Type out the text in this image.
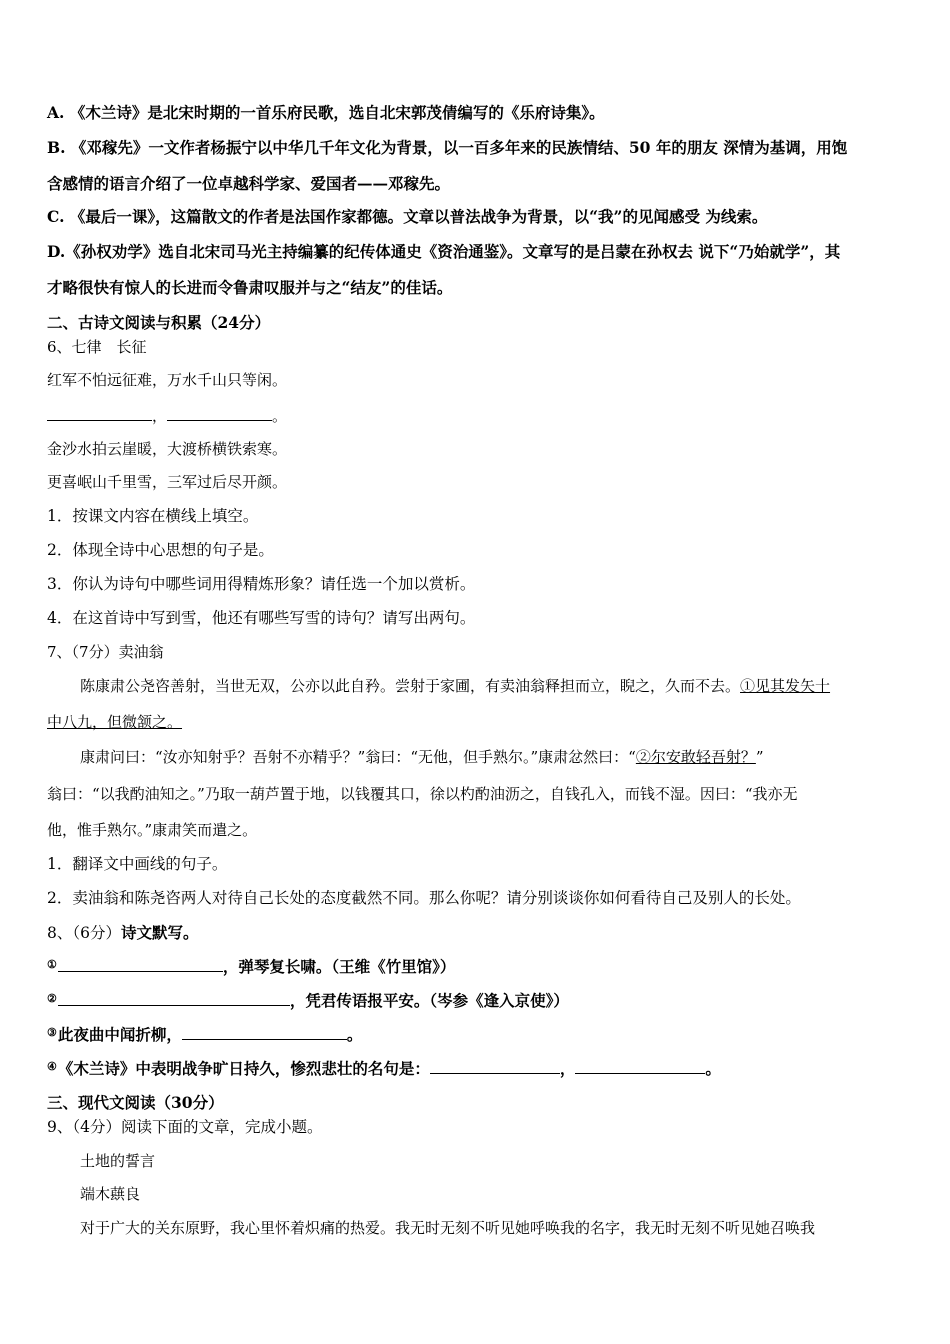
A. 《木兰诗》是北宋时期的一首乐府民歌，选自北宋郭茂倩编写的《乐府诗集》。
B. 《邓稼先》一文作者杨振宁以中华几千年文化为背景，以一百多年来的民族情结、50 年的朋友 深情为基调，用饱
含感情的语言介绍了一位卓越科学家、爱国者——邓稼先。
C. 《最后一课》，这篇散文的作者是法国作家都德。文章以普法战争为背景，以“我”的见闻感受 为线索。
D.《孙权劝学》选自北宋司马光主持编纂的纪传体通史《资治通鉴》。文章写的是吕蒙在孙权去 说下“乃始就学”，其
才略很快有惊人的长进而令鲁肃叹服并与之“结友”的佳话。
二、古诗文阅读与积累（24分）
6、七律　长征
红军不怕远征难，万水千山只等闲。
，	。
金沙水拍云崖暖，大渡桥横铁索寒。
更喜岷山千里雪，三军过后尽开颜。
1．按课文内容在横线上填空。
2．体现全诗中心思想的句子是。
3．你认为诗句中哪些词用得精炼形象？请任选一个加以赏析。
4．在这首诗中写到雪，他还有哪些写雪的诗句？请写出两句。
7、（7分）卖油翁
陈康肃公尧咨善射，当世无双，公亦以此自矜。尝射于家圃，有卖油翁释担而立，睨之，久而不去。①见其发矢十
中八九，但微颔之。
康肃问曰：“汝亦知射乎？吾射不亦精乎？”翁曰：“无他，但手熟尔。”康肃忿然曰：“②尔安敢轻吾射？”
翁曰：“以我酌油知之。”乃取一葫芦置于地，以钱覆其口，徐以杓酌油沥之，自钱孔入，而钱不湿。因曰：“我亦无
他，惟手熟尔。”康肃笑而遣之。
1．翻译文中画线的句子。
2．卖油翁和陈尧咨两人对待自己长处的态度截然不同。那么你呢？请分别谈谈你如何看待自己及别人的长处。
8、（6分）诗文默写。
①	，弹琴复长啸。（王维《竹里馆》）
②	，凭君传语报平安。（岑参《逢入京使》）
③此夜曲中闻折柳，	。
④《木兰诗》中表明战争旷日持久，惨烈悲壮的名句是：	，	。
三、现代文阅读（30分）
9、（4分）阅读下面的文章，完成小题。
土地的誓言
端木蕻良
对于广大的关东原野，我心里怀着炽痛的热爱。我无时无刻不听见她呼唤我的名字，我无时无刻不听见她召唤我
